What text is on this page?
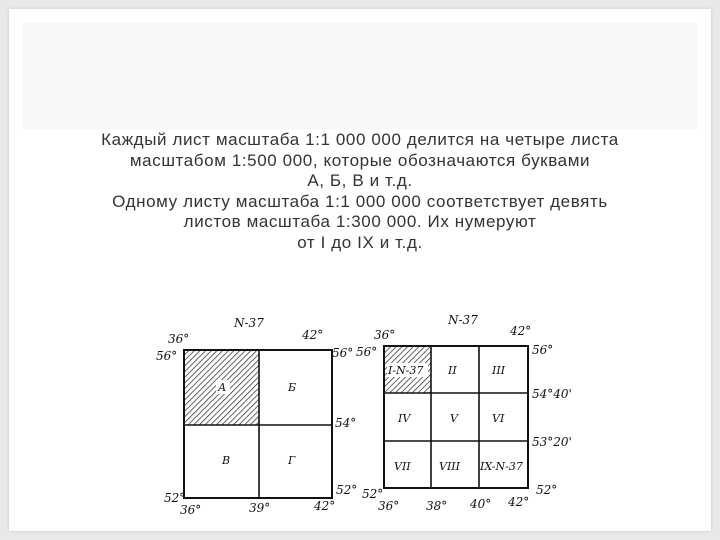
Каждый лист масштаба 1:1 000 000 делится на четыре листа

масштабом 1:500 000, которые обозначаются буквами

А, Б, В и т.д.

Одному листу масштаба 1:1 000 000 соответствует девять

листов масштаба 1:300 000. Их нумеруют

от I до IX и т.д.

N-37
36°	42°
56°	56°
54°
52°
52°
36°	39°	42°
А	Б
В	Г
N-37
36°	42°
56°	56°
54°40'
53°20'
52°	52°
36° 38° 40° 42°
I-N-37 II	III
IV	V	VI
VII	VIII IX-N-37
